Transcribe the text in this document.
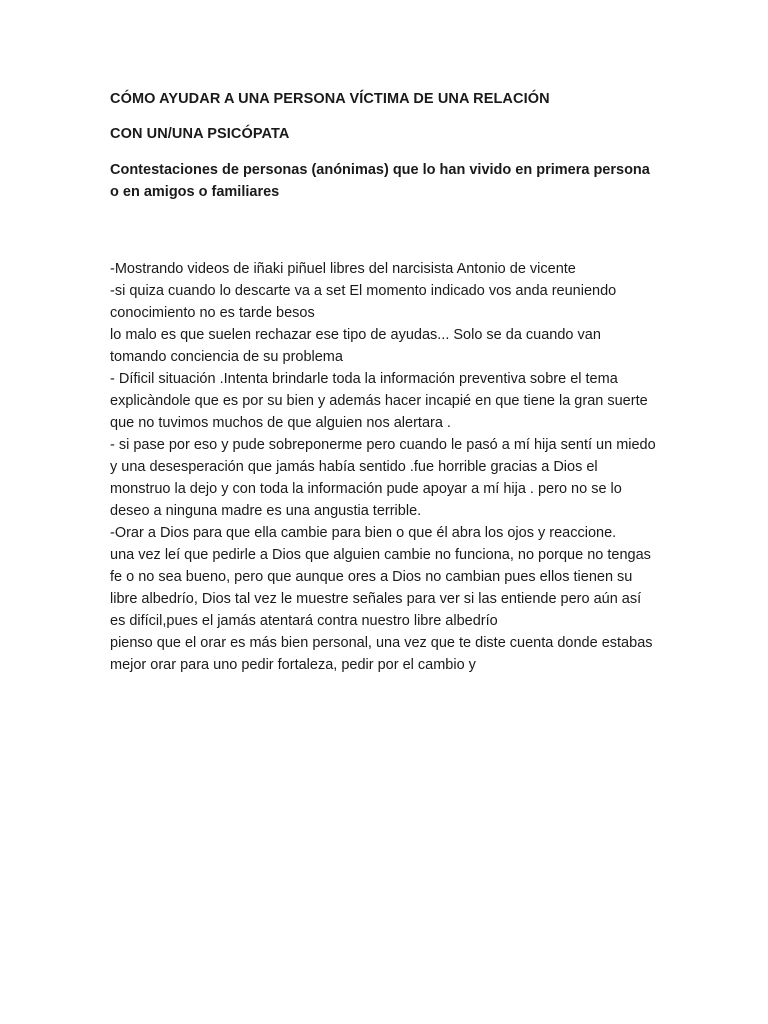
CÓMO AYUDAR A UNA PERSONA VÍCTIMA DE UNA RELACIÓN
CON UN/UNA PSICÓPATA
Contestaciones de personas (anónimas) que lo han vivido en primera persona o en amigos o familiares

-Mostrando videos de iñaki piñuel libres del narcisista Antonio de vicente

-si quiza cuando lo descarte va a set El momento indicado vos anda reuniendo conocimiento no es tarde besos

lo malo es que suelen rechazar ese tipo de ayudas... Solo se da cuando van tomando conciencia de su problema

- Díficil situación .Intenta brindarle toda la información preventiva sobre el tema explicàndole que es por su bien y además hacer incapié en que tiene la gran suerte que no tuvimos muchos de que alguien nos alertara .

- si pase por eso y pude sobreponerme pero cuando le pasó a mí hija sentí un miedo y una desesperación que jamás había sentido .fue horrible gracias a Dios el monstruo la dejo y con toda la información pude apoyar a mí hija . pero no se lo deseo a ninguna madre es una angustia terrible.

-Orar a Dios para que ella cambie para bien o que él abra los ojos y reaccione.

una vez leí que pedirle a Dios que alguien cambie no funciona, no porque no tengas fe o no sea bueno, pero que aunque ores a Dios no cambian pues ellos tienen su libre albedrío, Dios tal vez le muestre señales para ver si las entiende pero aún así es difícil,pues el jamás atentará contra nuestro libre albedrío

pienso que el orar es más bien personal, una vez que te diste cuenta donde estabas mejor orar para uno pedir fortaleza, pedir por el cambio y
